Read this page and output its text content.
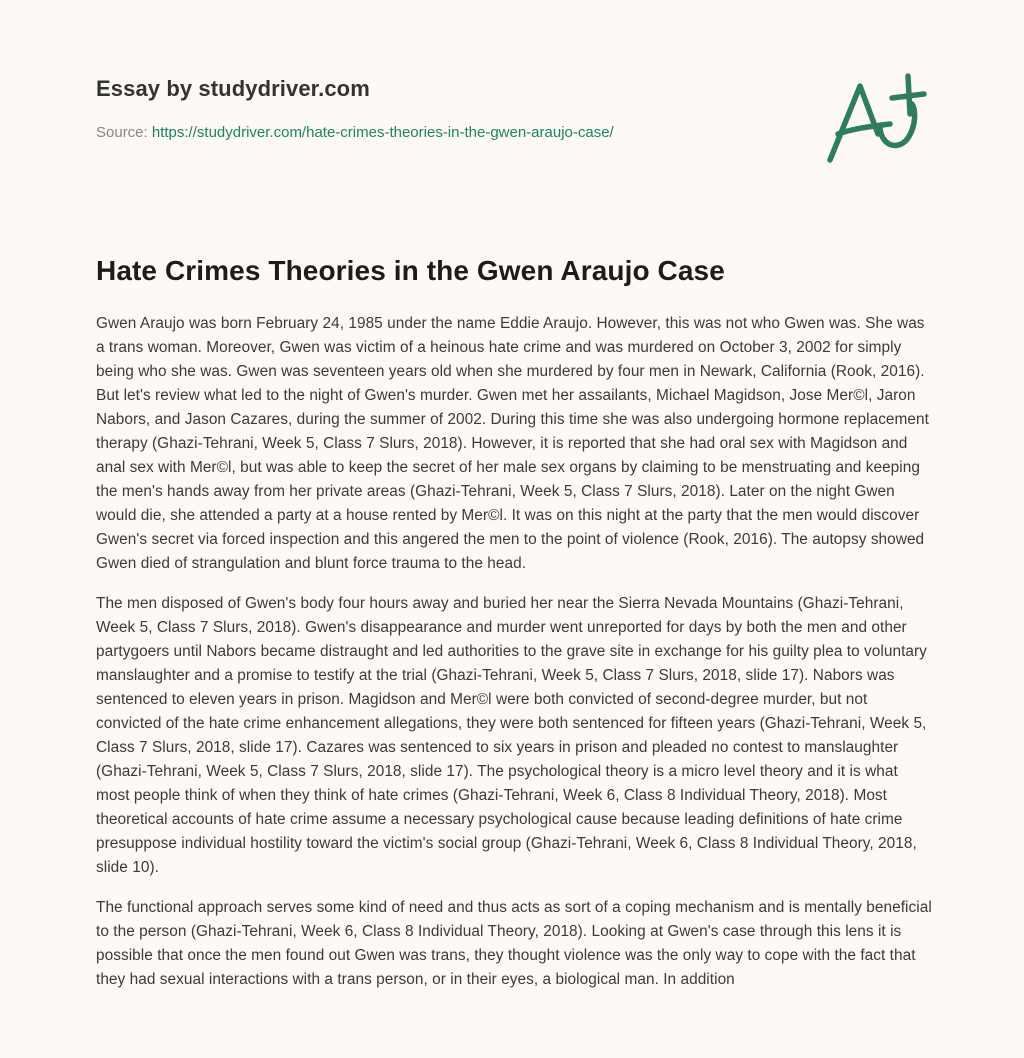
Essay by studydriver.com
Source: https://studydriver.com/hate-crimes-theories-in-the-gwen-araujo-case/
Hate Crimes Theories in the Gwen Araujo Case

Gwen Araujo was born February 24, 1985 under the name Eddie Araujo. However, this was not who Gwen was. She was a trans woman. Moreover, Gwen was victim of a heinous hate crime and was murdered on October 3, 2002 for simply being who she was. Gwen was seventeen years old when she murdered by four men in Newark, California (Rook, 2016). But let's review what led to the night of Gwen's murder. Gwen met her assailants, Michael Magidson, Jose Mer©l, Jaron Nabors, and Jason Cazares, during the summer of 2002. During this time she was also undergoing hormone replacement therapy (Ghazi-Tehrani, Week 5, Class 7 Slurs, 2018). However, it is reported that she had oral sex with Magidson and anal sex with Mer©l, but was able to keep the secret of her male sex organs by claiming to be menstruating and keeping the men's hands away from her private areas (Ghazi-Tehrani, Week 5, Class 7 Slurs, 2018). Later on the night Gwen would die, she attended a party at a house rented by Mer©l. It was on this night at the party that the men would discover Gwen's secret via forced inspection and this angered the men to the point of violence (Rook, 2016). The autopsy showed Gwen died of strangulation and blunt force trauma to the head.

The men disposed of Gwen's body four hours away and buried her near the Sierra Nevada Mountains (Ghazi-Tehrani, Week 5, Class 7 Slurs, 2018). Gwen's disappearance and murder went unreported for days by both the men and other partygoers until Nabors became distraught and led authorities to the grave site in exchange for his guilty plea to voluntary manslaughter and a promise to testify at the trial (Ghazi-Tehrani, Week 5, Class 7 Slurs, 2018, slide 17). Nabors was sentenced to eleven years in prison. Magidson and Mer©l were both convicted of second-degree murder, but not convicted of the hate crime enhancement allegations, they were both sentenced for fifteen years (Ghazi-Tehrani, Week 5, Class 7 Slurs, 2018, slide 17). Cazares was sentenced to six years in prison and pleaded no contest to manslaughter (Ghazi-Tehrani, Week 5, Class 7 Slurs, 2018, slide 17). The psychological theory is a micro level theory and it is what most people think of when they think of hate crimes (Ghazi-Tehrani, Week 6, Class 8 Individual Theory, 2018). Most theoretical accounts of hate crime assume a necessary psychological cause because leading definitions of hate crime presuppose individual hostility toward the victim's social group (Ghazi-Tehrani, Week 6, Class 8 Individual Theory, 2018, slide 10).

The functional approach serves some kind of need and thus acts as sort of a coping mechanism and is mentally beneficial to the person (Ghazi-Tehrani, Week 6, Class 8 Individual Theory, 2018). Looking at Gwen's case through this lens it is possible that once the men found out Gwen was trans, they thought violence was the only way to cope with the fact that they had sexual interactions with a trans person, or in their eyes, a biological man. In addition
